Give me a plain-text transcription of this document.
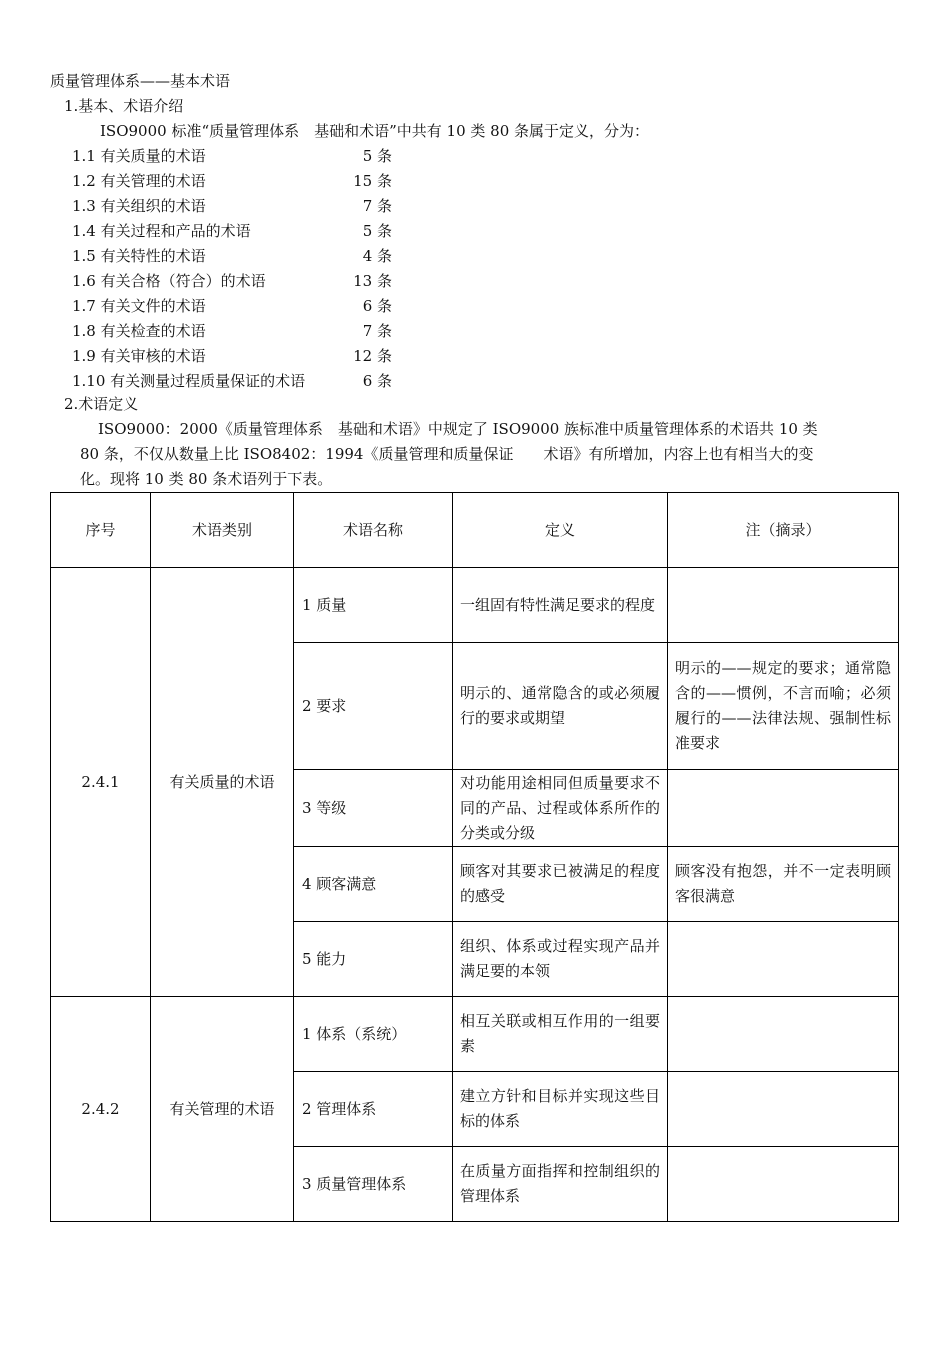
质量管理体系——基本术语
1.基本、术语介绍
ISO9000 标准“质量管理体系　基础和术语”中共有 10 类 80 条属于定义，分为：
1.1 有关质量的术语	5 条
1.2 有关管理的术语	15 条
1.3 有关组织的术语	7 条
1.4 有关过程和产品的术语	5 条
1.5 有关特性的术语	4 条
1.6 有关合格（符合）的术语	13 条
1.7 有关文件的术语	6 条
1.8 有关检查的术语	7 条
1.9 有关审核的术语	12 条
1.10 有关测量过程质量保证的术语	6 条
2.术语定义
ISO9000：2000《质量管理体系　基础和术语》中规定了 ISO9000 族标准中质量管理体系的术语共 10 类
80 条，不仅从数量上比 ISO8402：1994《质量管理和质量保证　　术语》有所增加，内容上也有相当大的变
化。现将 10 类 80 条术语列于下表。
序号	术语类别	术语名称	定义	注（摘录）
2.4.1	有关质量的术语	1 质量	一组固有特性满足要求的程度	
		2 要求	明示的、通常隐含的或必须履行的要求或期望	明示的——规定的要求；通常隐含的——惯例，不言而喻；必须履行的——法律法规、强制性标准要求
		3 等级	对功能用途相同但质量要求不同的产品、过程或体系所作的分类或分级	
		4 顾客满意	顾客对其要求已被满足的程度的感受	顾客没有抱怨，并不一定表明顾客很满意
		5 能力	组织、体系或过程实现产品并满足要的本领	
2.4.2	有关管理的术语	1 体系（系统）	相互关联或相互作用的一组要素	
		2 管理体系	建立方针和目标并实现这些目标的体系	
		3 质量管理体系	在质量方面指挥和控制组织的管理体系	
